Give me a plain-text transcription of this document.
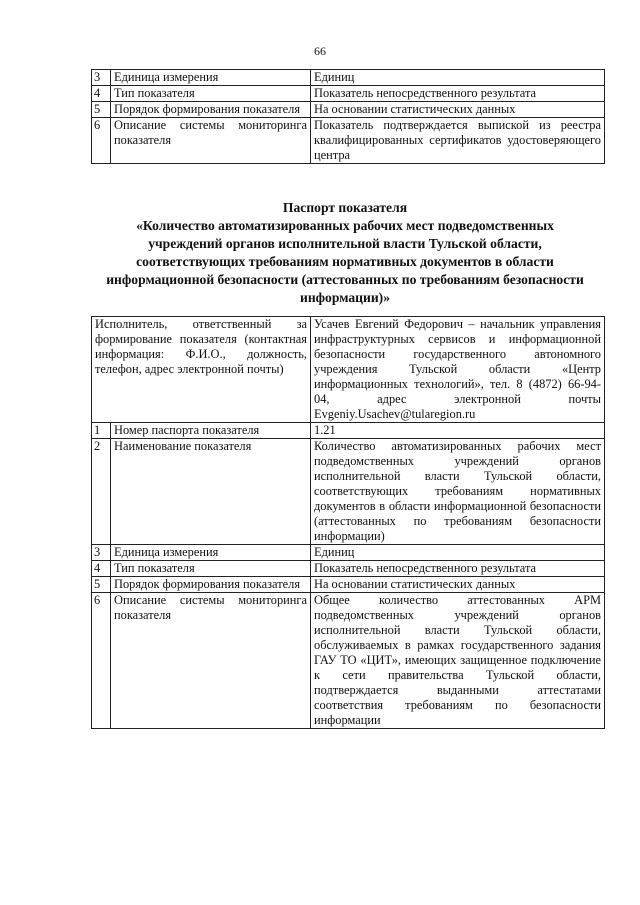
66
3	Единица измерения	Единиц
4	Тип показателя	Показатель непосредственного результата
5	Порядок формирования показателя	На основании статистических данных
6	Описание системы мониторинга показателя	Показатель подтверждается выпиской из реестра квалифицированных сертификатов удостоверяющего центра
Паспорт показателя
«Количество автоматизированных рабочих мест подведомственных учреждений органов исполнительной власти Тульской области, соответствующих требованиям нормативных документов в области информационной безопасности (аттестованных по требованиям безопасности информации)»
Исполнитель, ответственный за формирование показателя (контактная информация: Ф.И.О., должность, телефон, адрес электронной почты)		Усачев Евгений Федорович – начальник управления инфраструктурных сервисов и информационной безопасности государственного автономного учреждения Тульской области «Центр информационных технологий», тел. 8 (4872) 66-94-04, адрес электронной почты Evgeniy.Usachev@tularegion.ru
1	Номер паспорта показателя	1.21
2	Наименование показателя	Количество автоматизированных рабочих мест подведомственных учреждений органов исполнительной власти Тульской области, соответствующих требованиям нормативных документов в области информационной безопасности (аттестованных по требованиям безопасности информации)
3	Единица измерения	Единиц
4	Тип показателя	Показатель непосредственного результата
5	Порядок формирования показателя	На основании статистических данных
6	Описание системы мониторинга показателя	Общее количество аттестованных АРМ подведомственных учреждений органов исполнительной власти Тульской области, обслуживаемых в рамках государственного задания ГАУ ТО «ЦИТ», имеющих защищенное подключение к сети правительства Тульской области, подтверждается выданными аттестатами соответствия требованиям по безопасности информации
